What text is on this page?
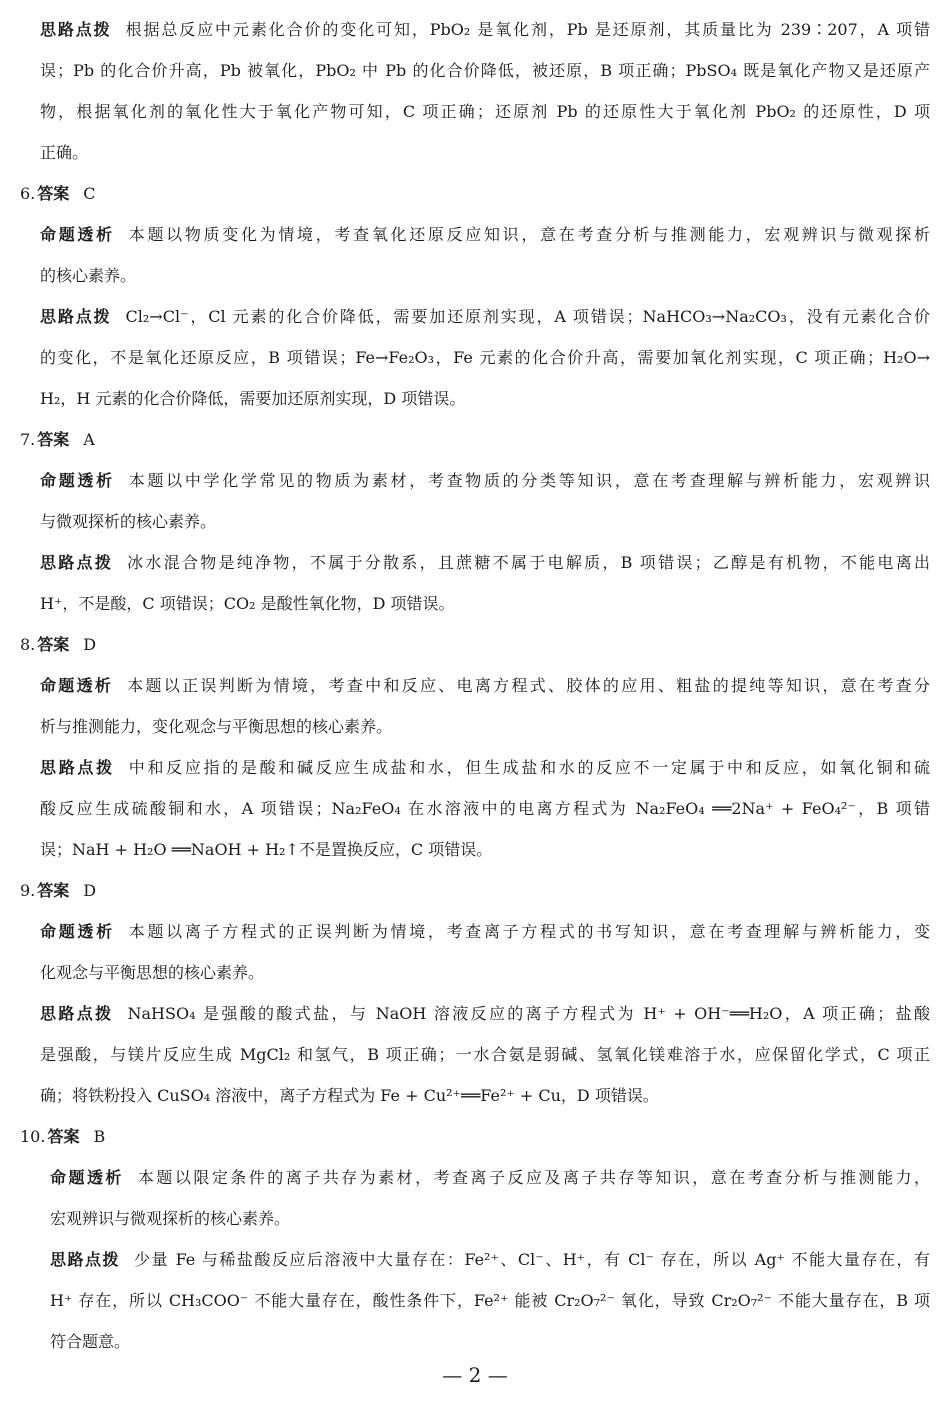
思路点拨 根据总反应中元素化合价的变化可知，PbO₂ 是氧化剂，Pb 是还原剂，其质量比为 239∶207，A 项错

误；Pb 的化合价升高，Pb 被氧化，PbO₂ 中 Pb 的化合价降低，被还原，B 项正确；PbSO₄ 既是氧化产物又是还原产

物，根据氧化剂的氧化性大于氧化产物可知，C 项正确；还原剂 Pb 的还原性大于氧化剂 PbO₂ 的还原性，D 项

正确。

6. 答案 C

命题透析 本题以物质变化为情境，考查氧化还原反应知识，意在考查分析与推测能力，宏观辨识与微观探析

的核心素养。

思路点拨 Cl₂→Cl⁻，Cl 元素的化合价降低，需要加还原剂实现，A 项错误；NaHCO₃→Na₂CO₃，没有元素化合价

的变化，不是氧化还原反应，B 项错误；Fe→Fe₂O₃，Fe 元素的化合价升高，需要加氧化剂实现，C 项正确；H₂O→

H₂，H 元素的化合价降低，需要加还原剂实现，D 项错误。

7. 答案 A

命题透析 本题以中学化学常见的物质为素材，考查物质的分类等知识，意在考查理解与辨析能力，宏观辨识

与微观探析的核心素养。

思路点拨 冰水混合物是纯净物，不属于分散系，且蔗糖不属于电解质，B 项错误；乙醇是有机物，不能电离出

H⁺，不是酸，C 项错误；CO₂ 是酸性氧化物，D 项错误。

8. 答案 D

命题透析 本题以正误判断为情境，考查中和反应、电离方程式、胶体的应用、粗盐的提纯等知识，意在考查分

析与推测能力，变化观念与平衡思想的核心素养。

思路点拨 中和反应指的是酸和碱反应生成盐和水，但生成盐和水的反应不一定属于中和反应，如氧化铜和硫

酸反应生成硫酸铜和水，A 项错误；Na₂FeO₄ 在水溶液中的电离方程式为 Na₂FeO₄ ══2Na⁺ + FeO₄²⁻，B 项错

误；NaH + H₂O ══NaOH + H₂↑不是置换反应，C 项错误。

9. 答案 D

命题透析 本题以离子方程式的正误判断为情境，考查离子方程式的书写知识，意在考查理解与辨析能力，变

化观念与平衡思想的核心素养。

思路点拨 NaHSO₄ 是强酸的酸式盐，与 NaOH 溶液反应的离子方程式为 H⁺ + OH⁻══H₂O，A 项正确；盐酸

是强酸，与镁片反应生成 MgCl₂ 和氢气，B 项正确；一水合氨是弱碱、氢氧化镁难溶于水，应保留化学式，C 项正

确；将铁粉投入 CuSO₄ 溶液中，离子方程式为 Fe + Cu²⁺══Fe²⁺ + Cu，D 项错误。

10. 答案 B

命题透析 本题以限定条件的离子共存为素材，考查离子反应及离子共存等知识，意在考查分析与推测能力，

宏观辨识与微观探析的核心素养。

思路点拨 少量 Fe 与稀盐酸反应后溶液中大量存在：Fe²⁺、Cl⁻、H⁺，有 Cl⁻ 存在，所以 Ag⁺ 不能大量存在，有

H⁺ 存在，所以 CH₃COO⁻ 不能大量存在，酸性条件下，Fe²⁺ 能被 Cr₂O₇²⁻ 氧化，导致 Cr₂O₇²⁻ 不能大量存在，B 项

符合题意。

— 2 —
